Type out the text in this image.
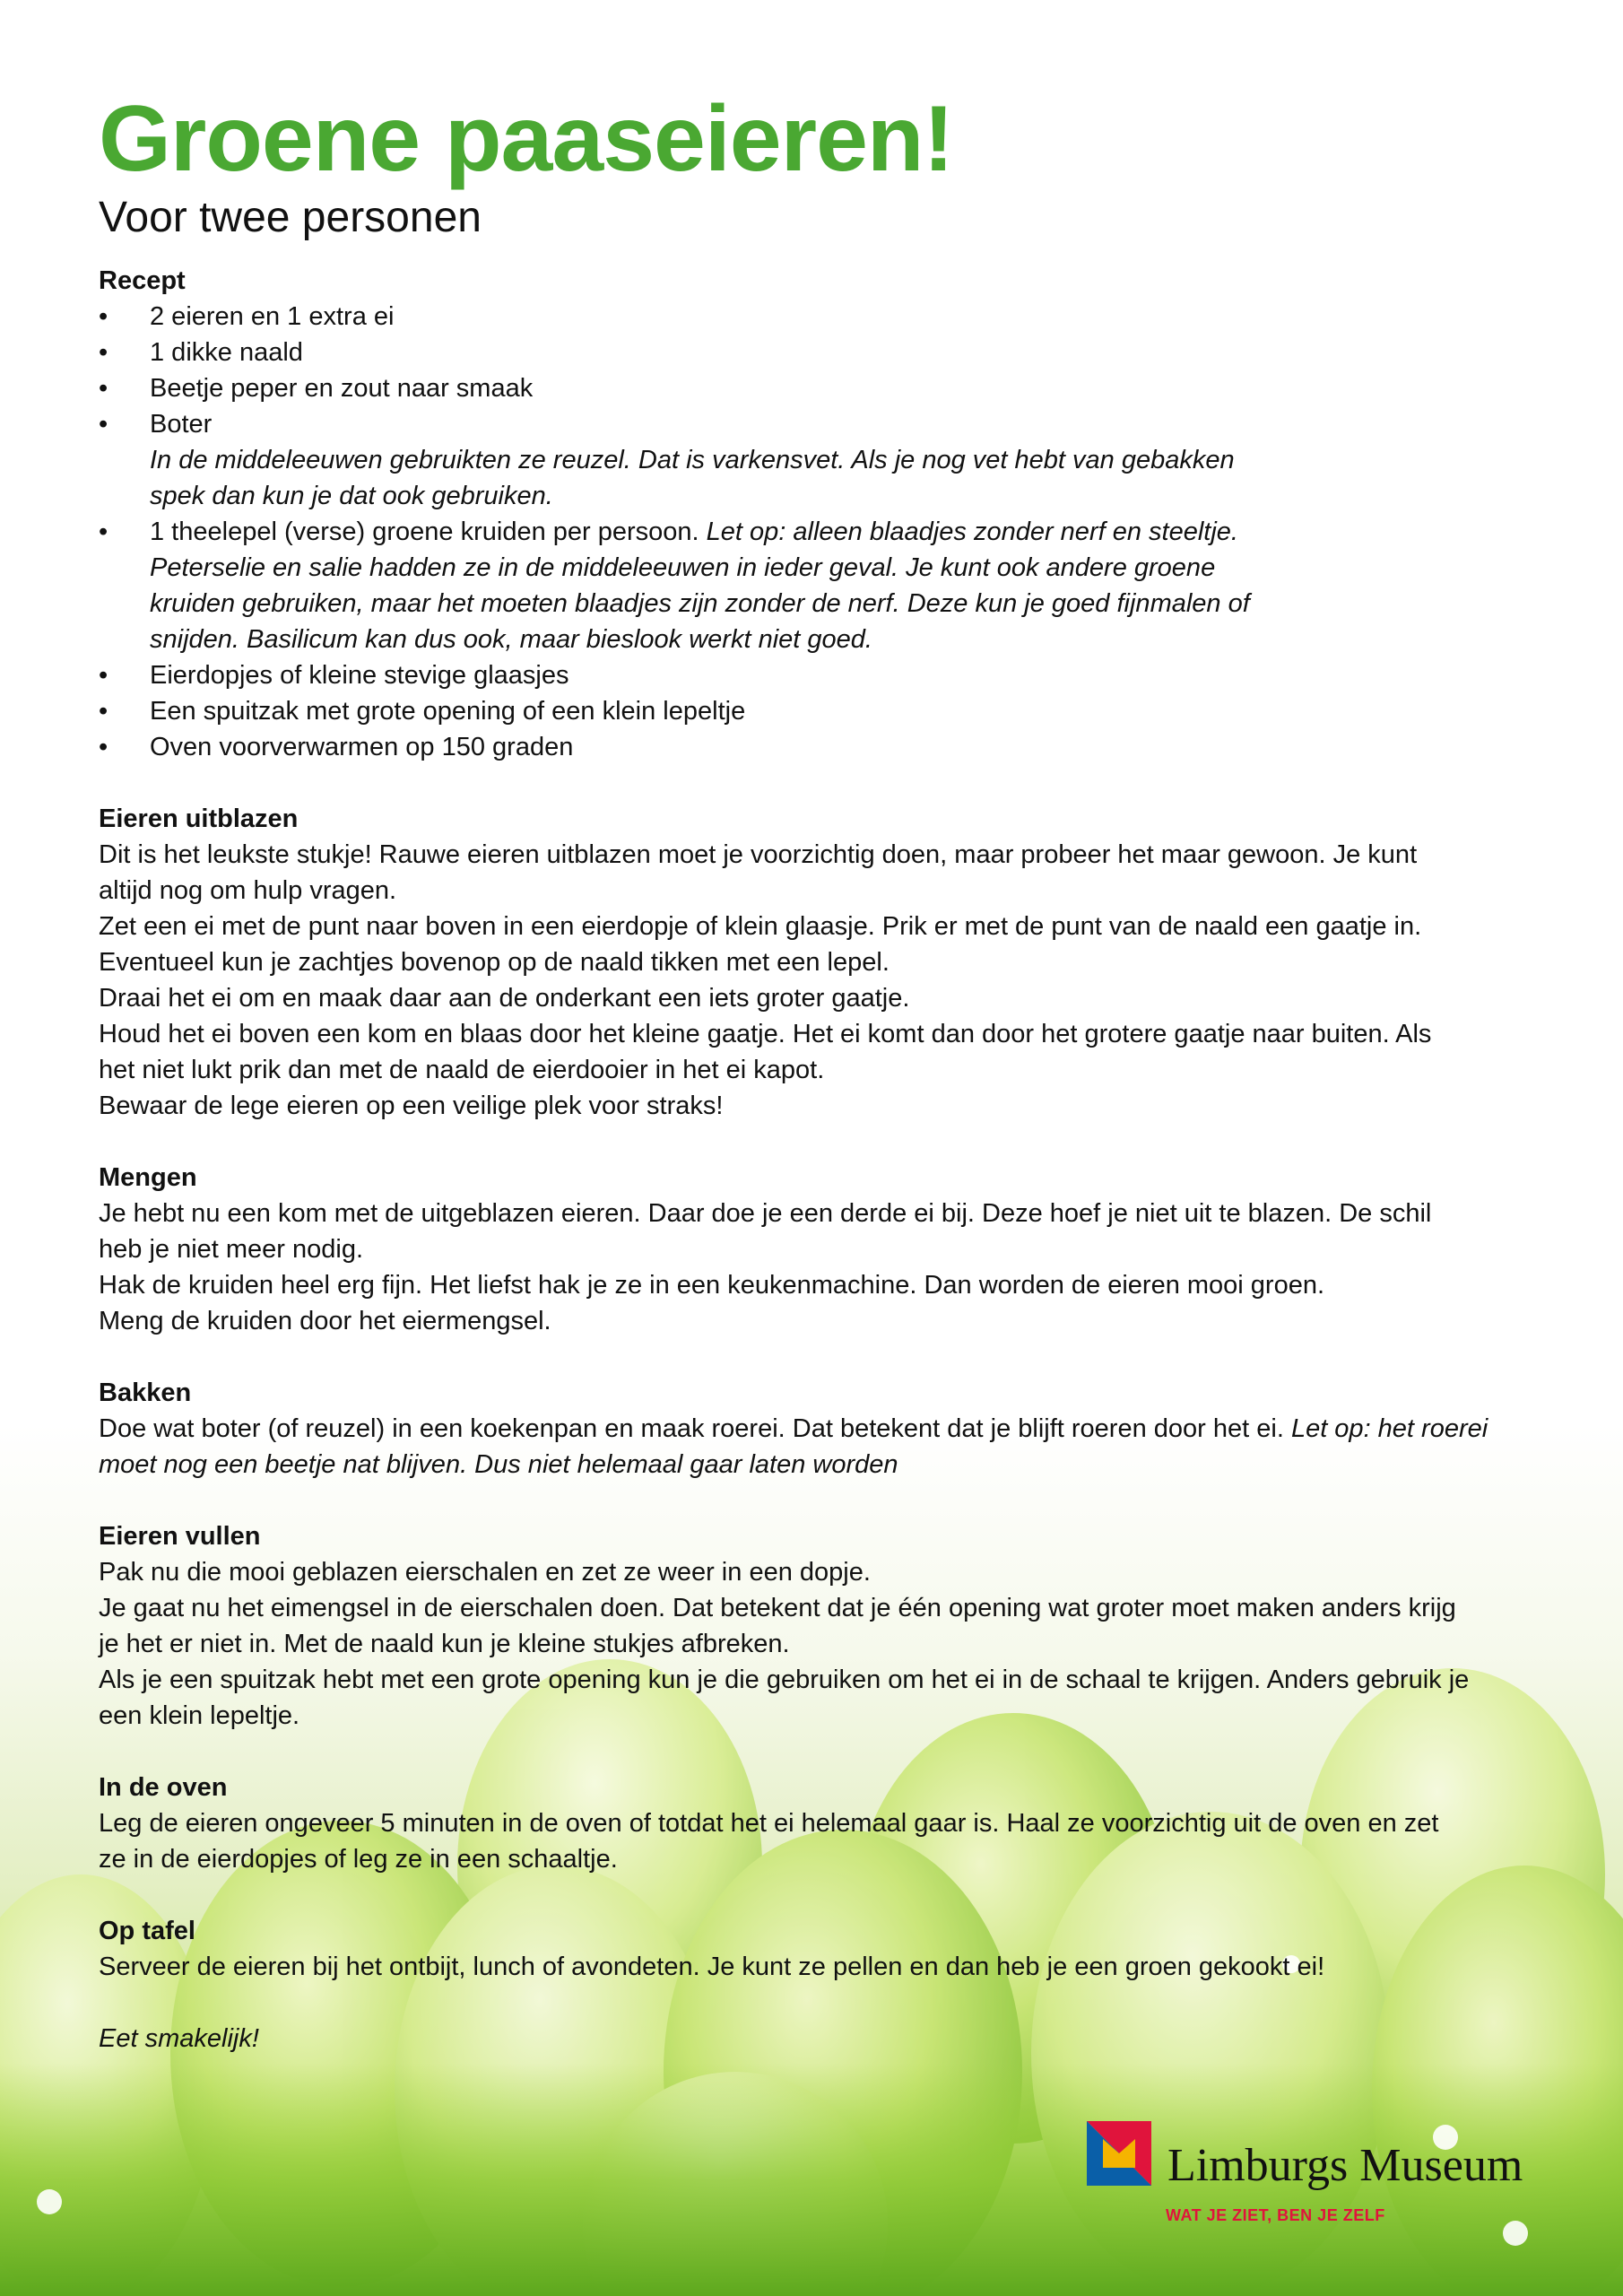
Groene paaseieren!

Voor twee personen

Recept

• 2 eieren en 1 extra ei
• 1 dikke naald
• Beetje peper en zout naar smaak
• Boter
In de middeleeuwen gebruikten ze reuzel. Dat is varkensvet. Als je nog vet hebt van gebakken spek dan kun je dat ook gebruiken.
• 1 theelepel (verse) groene kruiden per persoon. Let op: alleen blaadjes zonder nerf en steeltje. Peterselie en salie hadden ze in de middeleeuwen in ieder geval. Je kunt ook andere groene kruiden gebruiken, maar het moeten blaadjes zijn zonder de nerf. Deze kun je goed fijnmalen of snijden. Basilicum kan dus ook, maar bieslook werkt niet goed.
• Eierdopjes of kleine stevige glaasjes
• Een spuitzak met grote opening of een klein lepeltje
• Oven voorverwarmen op 150 graden

Eieren uitblazen

Dit is het leukste stukje! Rauwe eieren uitblazen moet je voorzichtig doen, maar probeer het maar gewoon. Je kunt altijd nog om hulp vragen.

Zet een ei met de punt naar boven in een eierdopje of klein glaasje. Prik er met de punt van de naald een gaatje in. Eventueel kun je zachtjes bovenop op de naald tikken met een lepel.

Draai het ei om en maak daar aan de onderkant een iets groter gaatje.

Houd het ei boven een kom en blaas door het kleine gaatje. Het ei komt dan door het grotere gaatje naar buiten. Als het niet lukt prik dan met de naald de eierdooier in het ei kapot.

Bewaar de lege eieren op een veilige plek voor straks!

Mengen

Je hebt nu een kom met de uitgeblazen eieren. Daar doe je een derde ei bij. Deze hoef je niet uit te blazen. De schil heb je niet meer nodig.

Hak de kruiden heel erg fijn. Het liefst hak je ze in een keukenmachine. Dan worden de eieren mooi groen.

Meng de kruiden door het eiermengsel.

Bakken

Doe wat boter (of reuzel) in een koekenpan en maak roerei. Dat betekent dat je blijft roeren door het ei. Let op: het roerei moet nog een beetje nat blijven. Dus niet helemaal gaar laten worden

Eieren vullen

Pak nu die mooi geblazen eierschalen en zet ze weer in een dopje.

Je gaat nu het eimengsel in de eierschalen doen. Dat betekent dat je één opening wat groter moet maken anders krijg je het er niet in. Met de naald kun je kleine stukjes afbreken.

Als je een spuitzak hebt met een grote opening kun je die gebruiken om het ei in de schaal te krijgen. Anders gebruik je een klein lepeltje.

In de oven

Leg de eieren ongeveer 5 minuten in de oven of totdat het ei helemaal gaar is. Haal ze voorzichtig uit de oven en zet ze in de eierdopjes of leg ze in een schaaltje.

Op tafel

Serveer de eieren bij het ontbijt, lunch of avondeten. Je kunt ze pellen en dan heb je een groen gekookt ei!

Eet smakelijk!

Limburgs Museum
WAT JE ZIET, BEN JE ZELF
